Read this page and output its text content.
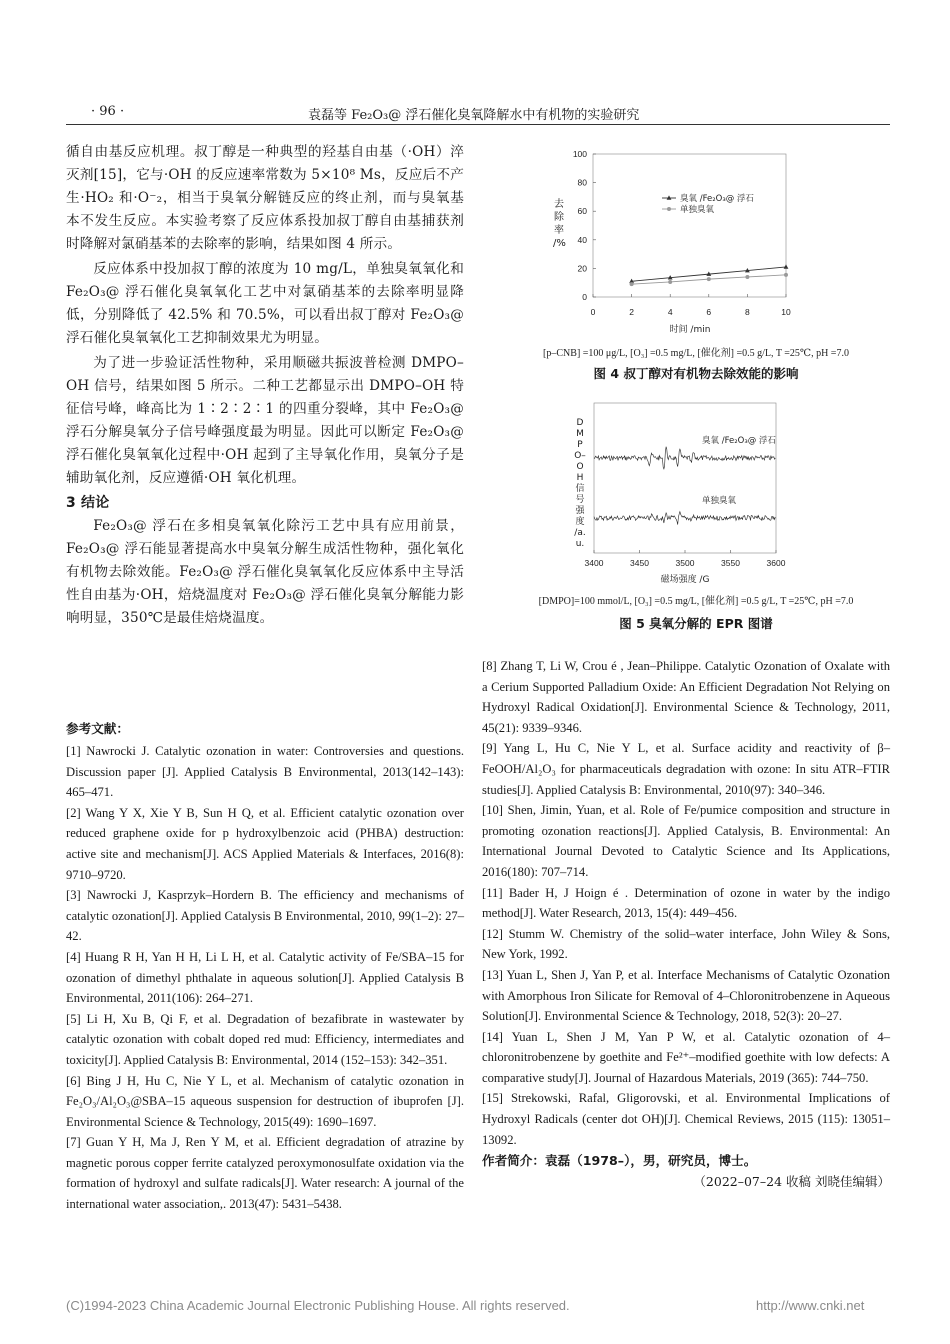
· 96 ·	袁磊等 Fe₂O₃@ 浮石催化臭氧降解水中有机物的实验研究

循自由基反应机理。叔丁醇是一种典型的羟基自由基（·OH）淬灭剂[15]，它与·OH 的反应速率常数为 5×10⁸ Ms，反应后不产生·HO₂ 和·O⁻₂，相当于臭氧分解链反应的终止剂，而与臭氧基本不发生反应。本实验考察了反应体系投加叔丁醇自由基捕获剂时降解对氯硝基苯的去除率的影响，结果如图 4 所示。

反应体系中投加叔丁醇的浓度为 10 mg/L，单独臭氧氧化和 Fe₂O₃@ 浮石催化臭氧氧化工艺中对氯硝基苯的去除率明显降低，分别降低了 42.5% 和 70.5%，可以看出叔丁醇对 Fe₂O₃@ 浮石催化臭氧氧化工艺抑制效果尤为明显。

为了进一步验证活性物种，采用顺磁共振波普检测 DMPO–OH 信号，结果如图 5 所示。二种工艺都显示出 DMPO–OH 特征信号峰，峰高比为 1∶2∶2∶1 的四重分裂峰，其中 Fe₂O₃@ 浮石分解臭氧分子信号峰强度最为明显。因此可以断定 Fe₂O₃@ 浮石催化臭氧氧化过程中·OH 起到了主导氧化作用，臭氧分子是辅助氧化剂，反应遵循·OH 氧化机理。

3 结论

Fe₂O₃@ 浮石在多相臭氧氧化除污工艺中具有应用前景，Fe₂O₃@ 浮石能显著提高水中臭氧分解生成活性物种，强化氧化有机物去除效能。Fe₂O₃@ 浮石催化臭氧氧化反应体系中主导活性自由基为·OH，焙烧温度对 Fe₂O₃@ 浮石催化臭氧分解能力影响明显，350℃是最佳焙烧温度。

参考文献：

[1] Nawrocki J. Catalytic ozonation in water: Controversies and questions. Discussion paper [J]. Applied Catalysis B Environmental, 2013(142–143): 465–471.

[2] Wang Y X, Xie Y B, Sun H Q, et al. Efficient catalytic ozonation over reduced graphene oxide for p hydroxylbenzoic acid (PHBA) destruction: active site and mechanism[J]. ACS Applied Materials & Interfaces, 2016(8): 9710–9720.

[3] Nawrocki J, Kasprzyk–Hordern B. The efficiency and mechanisms of catalytic ozonation[J]. Applied Catalysis B Environmental, 2010, 99(1–2): 27–42.

[4] Huang R H, Yan H H, Li L H, et al. Catalytic activity of Fe/SBA–15 for ozonation of dimethyl phthalate in aqueous solution[J]. Applied Catalysis B Environmental, 2011(106): 264–271.

[5] Li H, Xu B, Qi F, et al. Degradation of bezafibrate in wastewater by catalytic ozonation with cobalt doped red mud: Efficiency, intermediates and toxicity[J]. Applied Catalysis B: Environmental, 2014 (152–153): 342–351.

[6] Bing J H, Hu C, Nie Y L, et al. Mechanism of catalytic ozonation in Fe₂O₃/Al₂O₃@SBA–15 aqueous suspension for destruction of ibuprofen [J]. Environmental Science & Technology, 2015(49): 1690–1697.

[7] Guan Y H, Ma J, Ren Y M, et al. Efficient degradation of atrazine by magnetic porous copper ferrite catalyzed peroxymonosulfate oxidation via the formation of hydroxyl and sulfate radicals[J]. Water research: A journal of the international water association,. 2013(47): 5431–5438.

0	2	4	6	8	10
0
20
40
60
80
100
臭氧 /Fe₂O₃@ 浮石
单独臭氧
时间 /min
去除率 /%
[p–CNB] =100 μg/L, [O₃] =0.5 mg/L, [催化剂] =0.5 g/L, T =25℃, pH =7.0
图 4 叔丁醇对有机物去除效能的影响
3400	3450	3500	3550	3600
臭氧 /Fe₂O₃@ 浮石
单独臭氧
磁场强度 /G
DMPO–OH 信号强度 /a.u.
[DMPO]=100 mmol/L, [O₃] =0.5 mg/L, [催化剂] =0.5 g/L, T =25℃, pH =7.0
图 5 臭氧分解的 EPR 图谱

[8] Zhang T, Li W, Crou é , Jean–Philippe. Catalytic Ozonation of Oxalate with a Cerium Supported Palladium Oxide: An Efficient Degradation Not Relying on Hydroxyl Radical Oxidation[J]. Environmental Science & Technology, 2011, 45(21): 9339–9346.

[9] Yang L, Hu C, Nie Y L, et al. Surface acidity and reactivity of β–FeOOH/Al₂O₃ for pharmaceuticals degradation with ozone: In situ ATR–FTIR studies[J]. Applied Catalysis B: Environmental, 2010(97): 340–346.

[10] Shen, Jimin, Yuan, et al. Role of Fe/pumice composition and structure in promoting ozonation reactions[J]. Applied Catalysis, B. Environmental: An International Journal Devoted to Catalytic Science and Its Applications, 2016(180): 707–714.

[11] Bader H, J Hoign é . Determination of ozone in water by the indigo method[J]. Water Research, 2013, 15(4): 449–456.

[12] Stumm W. Chemistry of the solid–water interface, John Wiley & Sons, New York, 1992.

[13] Yuan L, Shen J, Yan P, et al. Interface Mechanisms of Catalytic Ozonation with Amorphous Iron Silicate for Removal of 4–Chloronitrobenzene in Aqueous Solution[J]. Environmental Science & Technology, 2018, 52(3): 20–27.

[14] Yuan L, Shen J M, Yan P W, et al. Catalytic ozonation of 4–chloronitrobenzene by goethite and Fe²⁺–modified goethite with low defects: A comparative study[J]. Journal of Hazardous Materials, 2019 (365): 744–750.

[15] Strekowski, Rafal, Gligorovski, et al. Environmental Implications of Hydroxyl Radicals (center dot OH)[J]. Chemical Reviews, 2015 (115): 13051–13092.

作者简介：袁磊（1978–），男，研究员，博士。

（2022–07–24 收稿 刘晓佳编辑）

(C)1994-2023 China Academic Journal Electronic Publishing House. All rights reserved.	http://www.cnki.net
